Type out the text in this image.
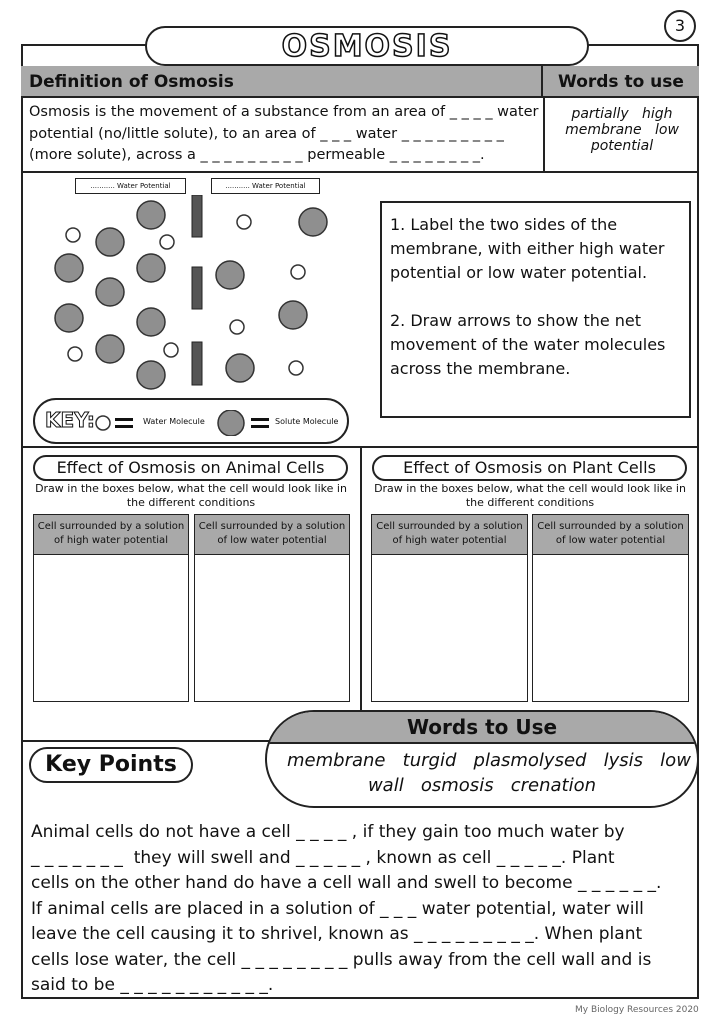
3
OSMOSIS
Definition of Osmosis	Words to use
Osmosis is the movement of a substance from an area of _ _ _ _ water
potential (no/little solute), to an area of _ _ _ water _ _ _ _ _ _ _ _ _
(more solute), across a _ _ _ _ _ _ _ _ _ permeable _ _ _ _ _ _ _ _.
partially   high
membrane   low
potential
........... Water Potential	........... Water Potential

1. Label the two sides of the membrane, with either high water potential or low water potential.

2. Draw arrows to show the net movement of the water molecules across the membrane.

KEY:	Water Molecule	Solute Molecule
Effect of Osmosis on Animal Cells
Draw in the boxes below, what the cell would look like in the different conditions
Cell surrounded by a solution of high water potential
Cell surrounded by a solution of low water potential
Effect of Osmosis on Plant Cells
Draw in the boxes below, what the cell would look like in the different conditions
Cell surrounded by a solution of high water potential
Cell surrounded by a solution of low water potential
Words to Use
membrane   turgid   plasmolysed   lysis   low
wall   osmosis   crenation
Key Points
Animal cells do not have a cell _ _ _ _ , if they gain too much water by
_ _ _ _ _ _ _  they will swell and _ _ _ _ _ , known as cell _ _ _ _ _. Plant
cells on the other hand do have a cell wall and swell to become _ _ _ _ _ _.
If animal cells are placed in a solution of _ _ _ water potential, water will
leave the cell causing it to shrivel, known as _ _ _ _ _ _ _ _ _. When plant
cells lose water, the cell _ _ _ _ _ _ _ _ pulls away from the cell wall and is
said to be _ _ _ _ _ _ _ _ _ _ _.
My Biology Resources 2020
